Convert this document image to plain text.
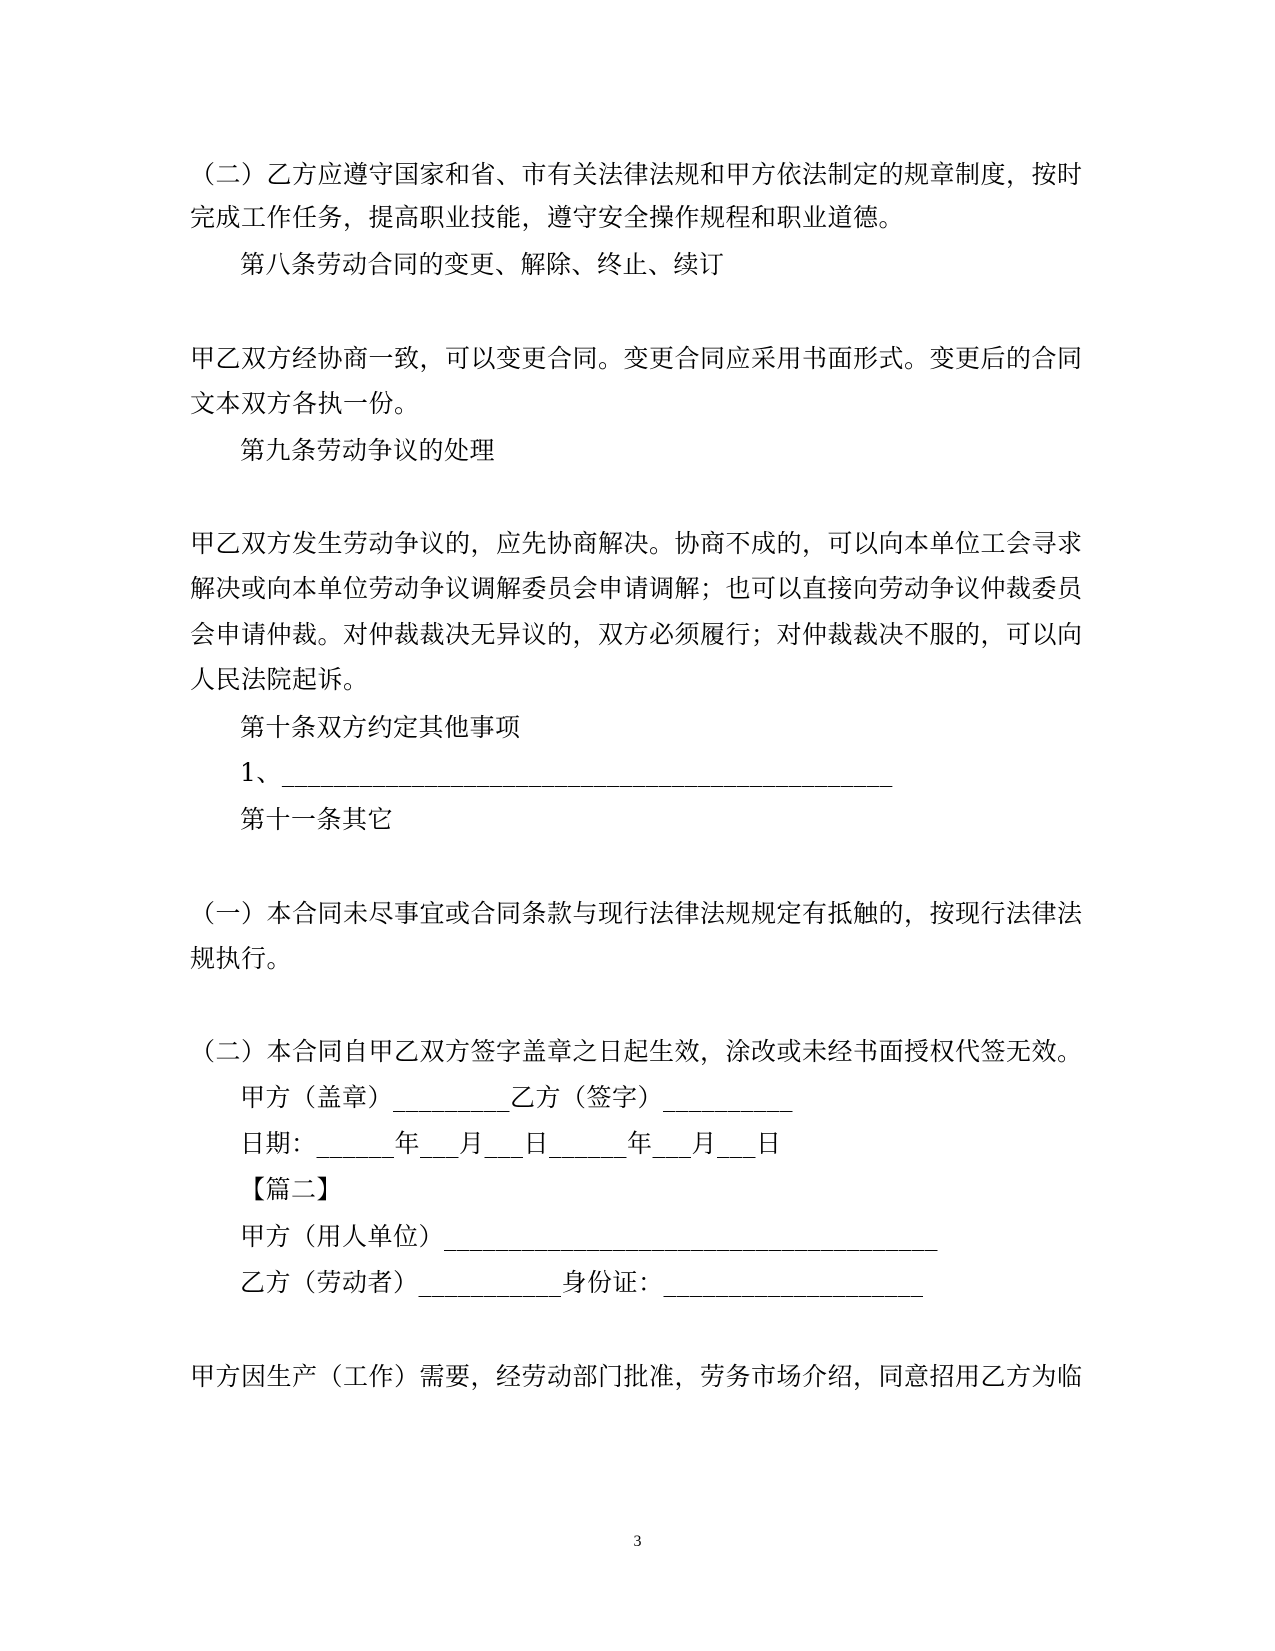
（二）乙方应遵守国家和省、市有关法律法规和甲方依法制定的规章制度，按时
完成工作任务，提高职业技能，遵守安全操作规程和职业道德。
第八条劳动合同的变更、解除、终止、续订
甲乙双方经协商一致，可以变更合同。变更合同应采用书面形式。变更后的合同
文本双方各执一份。
第九条劳动争议的处理
甲乙双方发生劳动争议的，应先协商解决。协商不成的，可以向本单位工会寻求
解决或向本单位劳动争议调解委员会申请调解；也可以直接向劳动争议仲裁委员
会申请仲裁。对仲裁裁决无异议的，双方必须履行；对仲裁裁决不服的，可以向
人民法院起诉。
第十条双方约定其他事项
1、_______________________________________________
第十一条其它
（一）本合同未尽事宜或合同条款与现行法律法规规定有抵触的，按现行法律法
规执行。
（二）本合同自甲乙双方签字盖章之日起生效，涂改或未经书面授权代签无效。
甲方（盖章）_________乙方（签字）__________
日期：______年___月___日______年___月___日
【篇二】
甲方（用人单位）______________________________________
乙方（劳动者）___________身份证：____________________
甲方因生产（工作）需要，经劳动部门批准，劳务市场介绍，同意招用乙方为临
3
